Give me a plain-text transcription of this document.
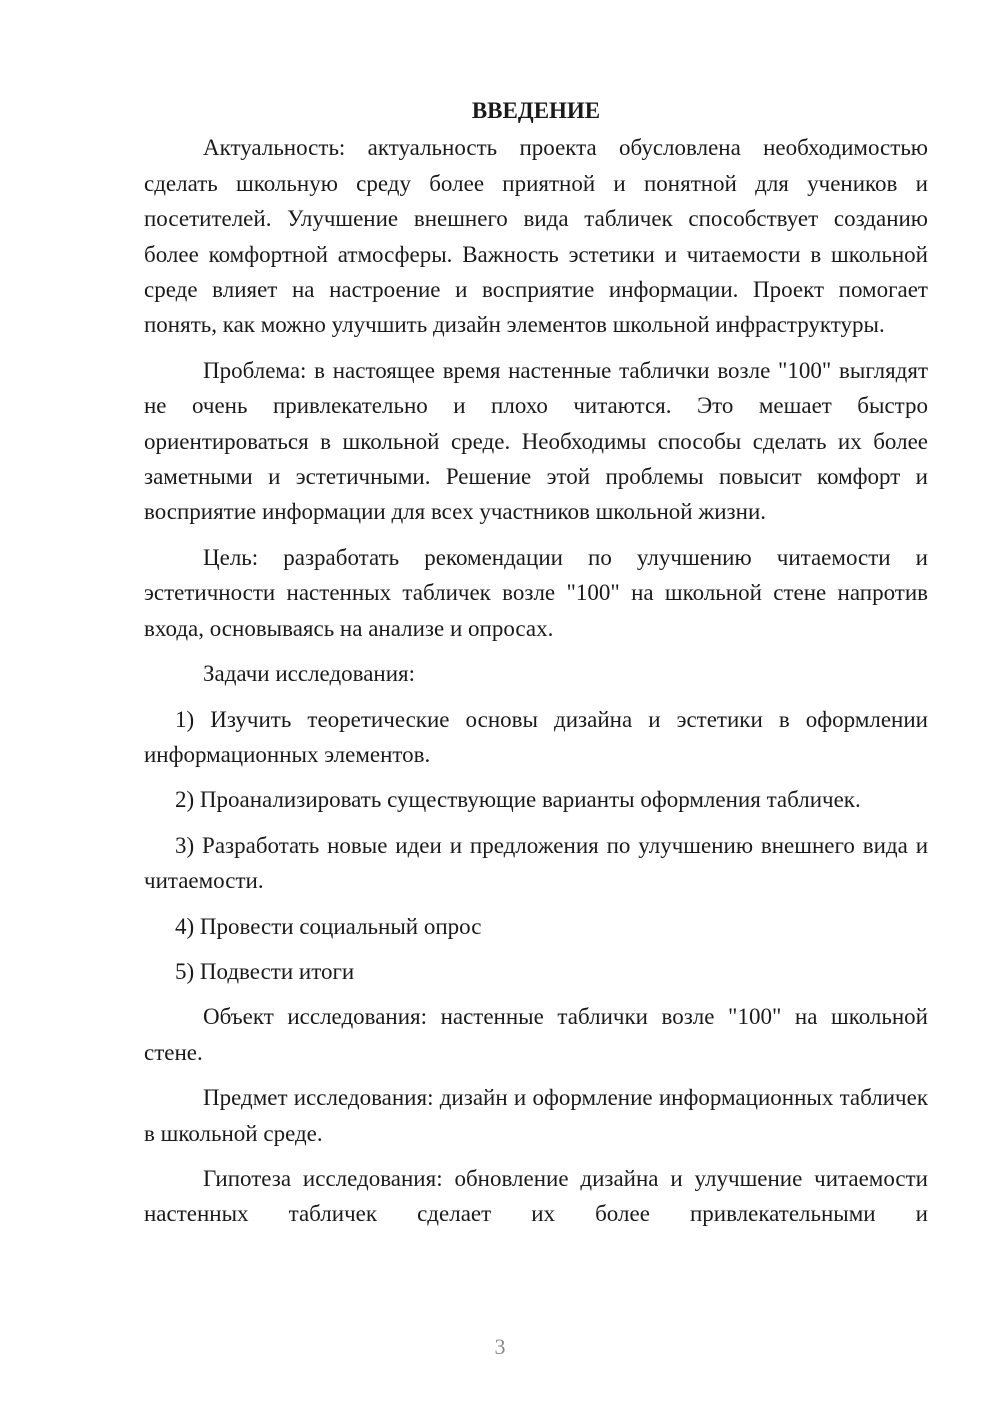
ВВЕДЕНИЕ

Актуальность: актуальность проекта обусловлена необходимостью сделать школьную среду более приятной и понятной для учеников и посетителей. Улучшение внешнего вида табличек способствует созданию более комфортной атмосферы. Важность эстетики и читаемости в школьной среде влияет на настроение и восприятие информации. Проект помогает понять, как можно улучшить дизайн элементов школьной инфраструктуры.

Проблема: в настоящее время настенные таблички возле "100" выглядят не очень привлекательно и плохо читаются. Это мешает быстро ориентироваться в школьной среде. Необходимы способы сделать их более заметными и эстетичными. Решение этой проблемы повысит комфорт и восприятие информации для всех участников школьной жизни.

Цель: разработать рекомендации по улучшению читаемости и эстетичности настенных табличек возле "100" на школьной стене напротив входа, основываясь на анализе и опросах.

Задачи исследования:

1) Изучить теоретические основы дизайна и эстетики в оформлении информационных элементов.

2) Проанализировать существующие варианты оформления табличек.

3) Разработать новые идеи и предложения по улучшению внешнего вида и читаемости.

4) Провести социальный опрос

5) Подвести итоги

Объект исследования: настенные таблички возле "100" на школьной стене.

Предмет исследования: дизайн и оформление информационных табличек в школьной среде.

Гипотеза исследования: обновление дизайна и улучшение читаемости настенных табличек сделает их более привлекательными и

3
